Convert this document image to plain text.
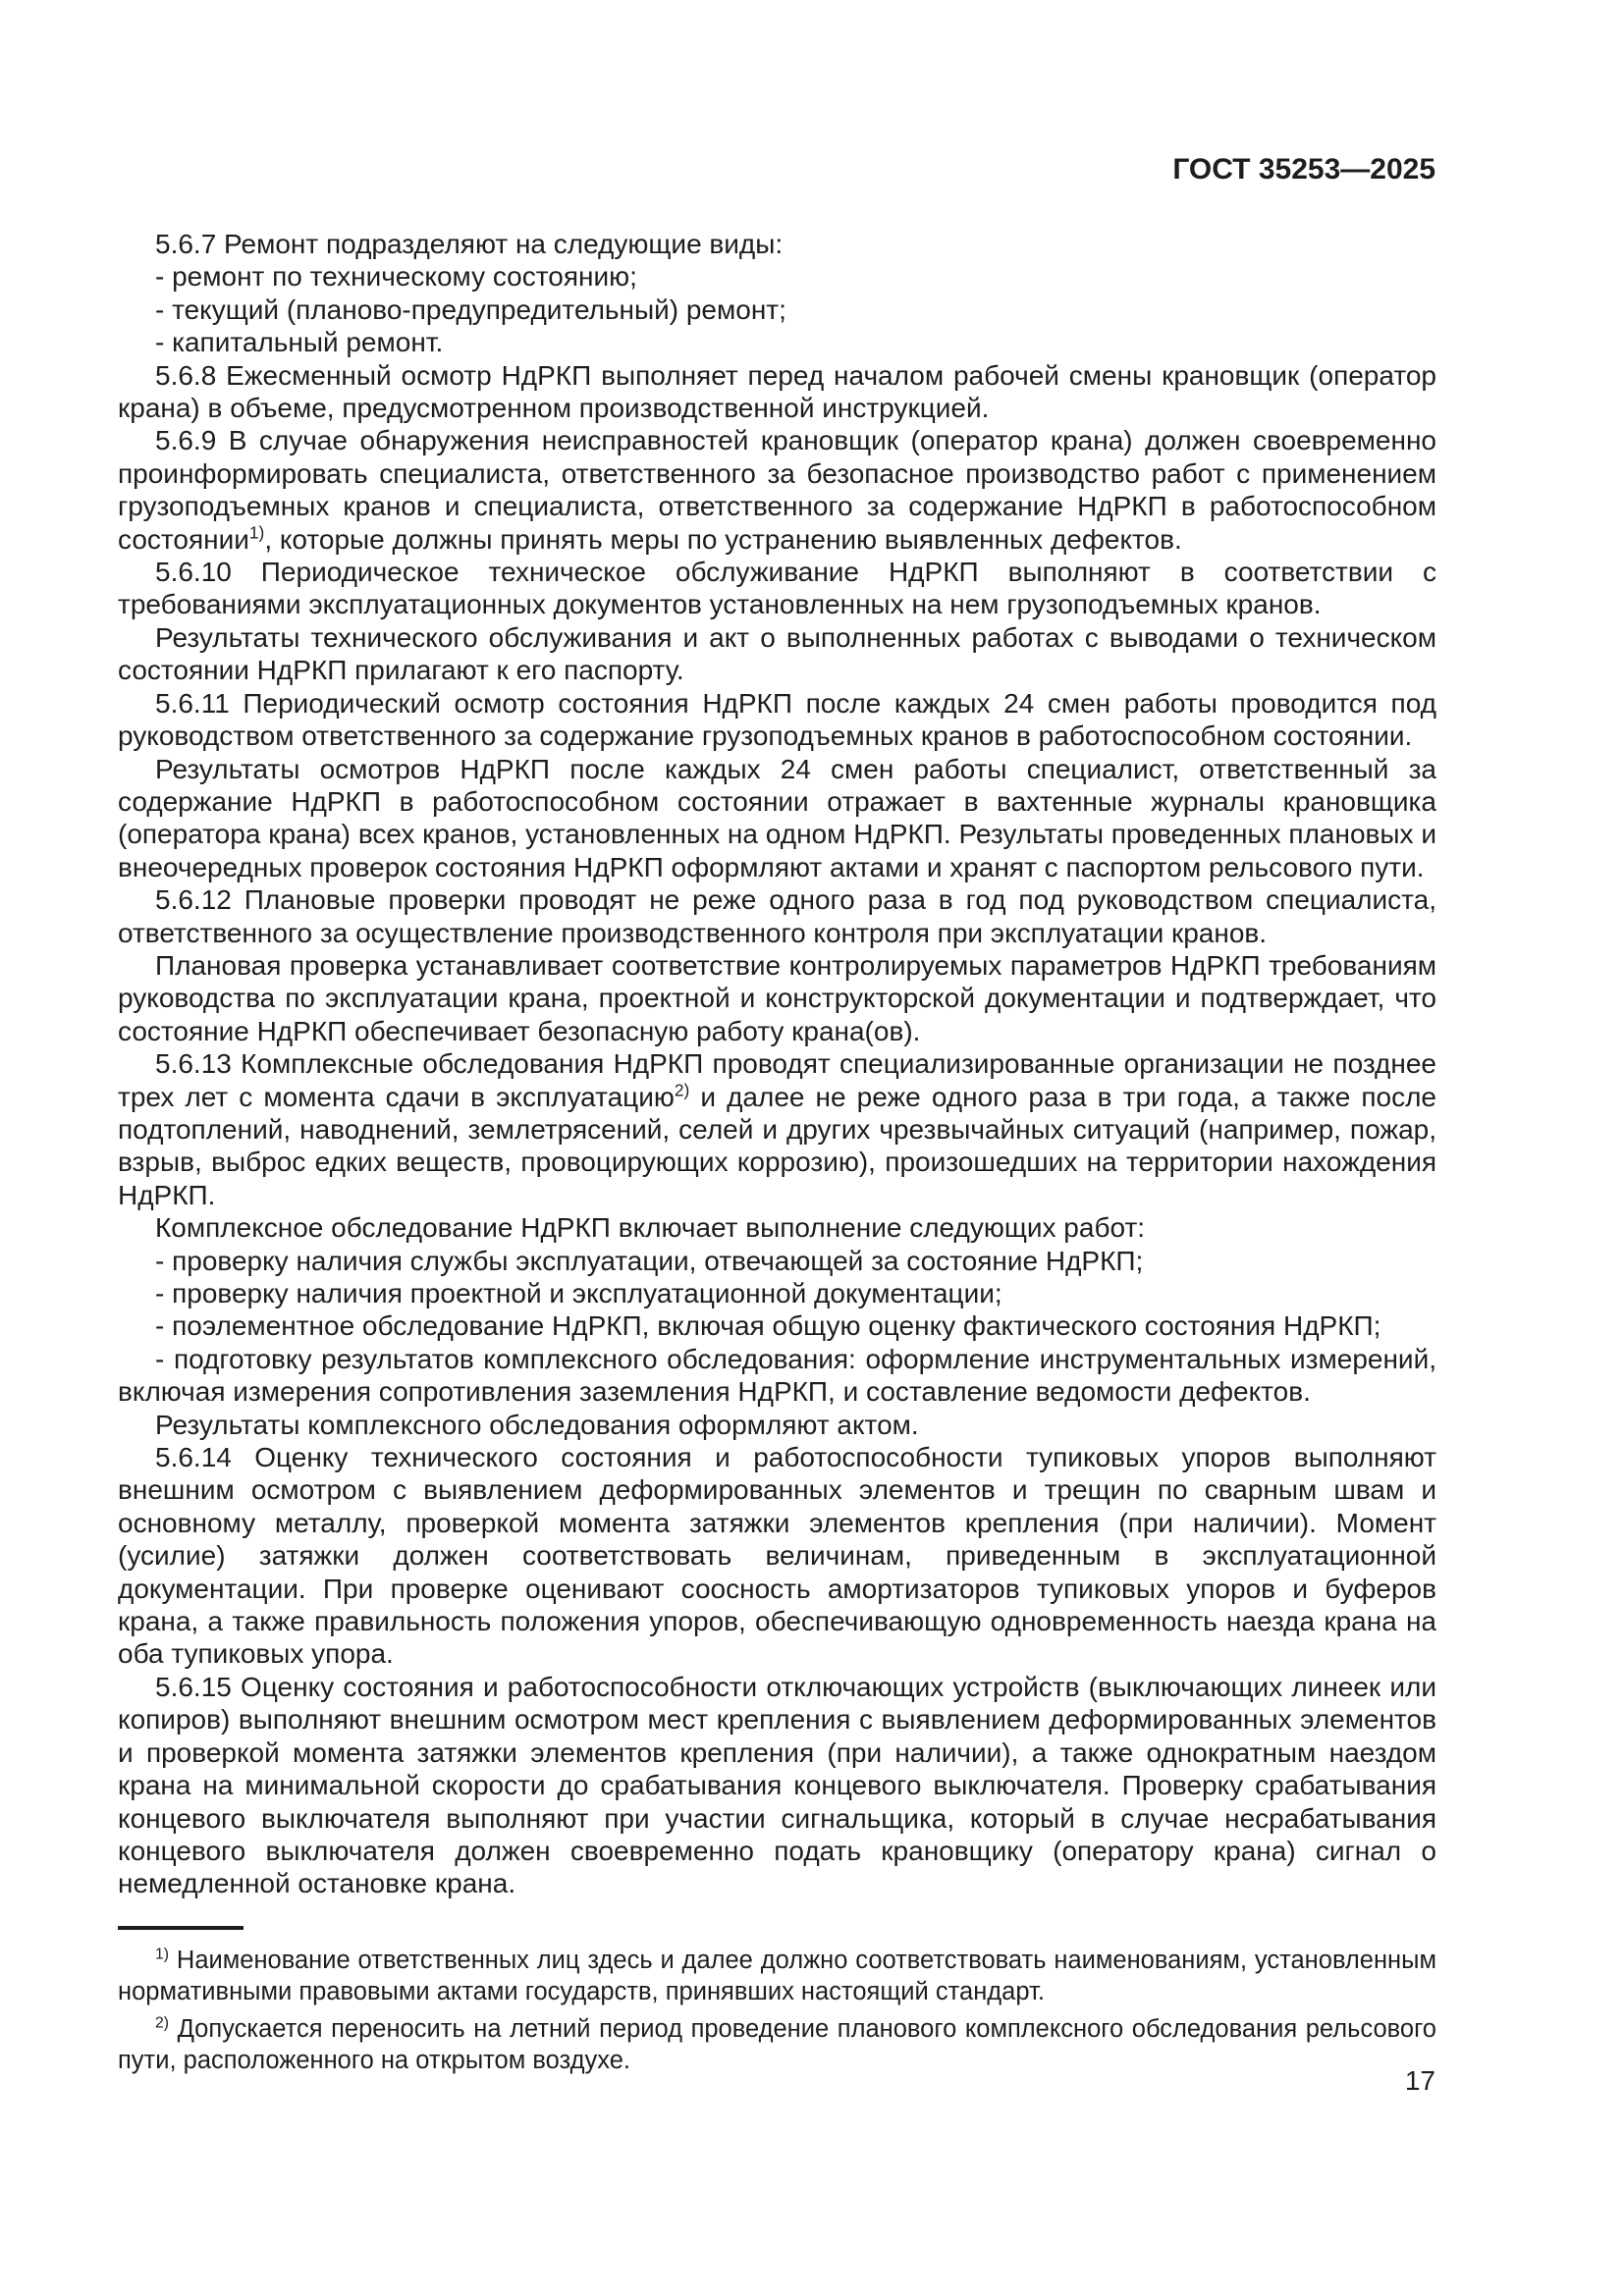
ГОСТ 35253—2025

5.6.7 Ремонт подразделяют на следующие виды:

- ремонт по техническому состоянию;

- текущий (планово-предупредительный) ремонт;

- капитальный ремонт.

5.6.8 Ежесменный осмотр НдРКП выполняет перед началом рабочей смены крановщик (оператор крана) в объеме, предусмотренном производственной инструкцией.

5.6.9 В случае обнаружения неисправностей крановщик (оператор крана) должен своевременно проинформировать специалиста, ответственного за безопасное производство работ с применением грузоподъемных кранов и специалиста, ответственного за содержание НдРКП в работоспособном состоянии$^{1)}$, которые должны принять меры по устранению выявленных дефектов.

5.6.10 Периодическое техническое обслуживание НдРКП выполняют в соответствии с требованиями эксплуатационных документов установленных на нем грузоподъемных кранов.

Результаты технического обслуживания и акт о выполненных работах с выводами о техническом состоянии НдРКП прилагают к его паспорту.

5.6.11 Периодический осмотр состояния НдРКП после каждых 24 смен работы проводится под руководством ответственного за содержание грузоподъемных кранов в работоспособном состоянии.

Результаты осмотров НдРКП после каждых 24 смен работы специалист, ответственный за содержание НдРКП в работоспособном состоянии отражает в вахтенные журналы крановщика (оператора крана) всех кранов, установленных на одном НдРКП. Результаты проведенных плановых и внеочередных проверок состояния НдРКП оформляют актами и хранят с паспортом рельсового пути.

5.6.12 Плановые проверки проводят не реже одного раза в год под руководством специалиста, ответственного за осуществление производственного контроля при эксплуатации кранов.

Плановая проверка устанавливает соответствие контролируемых параметров НдРКП требованиям руководства по эксплуатации крана, проектной и конструкторской документации и подтверждает, что состояние НдРКП обеспечивает безопасную работу крана(ов).

5.6.13 Комплексные обследования НдРКП проводят специализированные организации не позднее трех лет с момента сдачи в эксплуатацию$^{2)}$ и далее не реже одного раза в три года, а также после подтоплений, наводнений, землетрясений, селей и других чрезвычайных ситуаций (например, пожар, взрыв, выброс едких веществ, провоцирующих коррозию), произошедших на территории нахождения НдРКП.

Комплексное обследование НдРКП включает выполнение следующих работ:

- проверку наличия службы эксплуатации, отвечающей за состояние НдРКП;

- проверку наличия проектной и эксплуатационной документации;

- поэлементное обследование НдРКП, включая общую оценку фактического состояния НдРКП;

- подготовку результатов комплексного обследования: оформление инструментальных измерений, включая измерения сопротивления заземления НдРКП, и составление ведомости дефектов.

Результаты комплексного обследования оформляют актом.

5.6.14 Оценку технического состояния и работоспособности тупиковых упоров выполняют внешним осмотром с выявлением деформированных элементов и трещин по сварным швам и основному металлу, проверкой момента затяжки элементов крепления (при наличии). Момент (усилие) затяжки должен соответствовать величинам, приведенным в эксплуатационной документации. При проверке оценивают соосность амортизаторов тупиковых упоров и буферов крана, а также правильность положения упоров, обеспечивающую одновременность наезда крана на оба тупиковых упора.

5.6.15 Оценку состояния и работоспособности отключающих устройств (выключающих линеек или копиров) выполняют внешним осмотром мест крепления с выявлением деформированных элементов и проверкой момента затяжки элементов крепления (при наличии), а также однократным наездом крана на минимальной скорости до срабатывания концевого выключателя. Проверку срабатывания концевого выключателя выполняют при участии сигнальщика, который в случае несрабатывания концевого выключателя должен своевременно подать крановщику (оператору крана) сигнал о немедленной остановке крана.

$^{1)}$ Наименование ответственных лиц здесь и далее должно соответствовать наименованиям, установленным нормативными правовыми актами государств, принявших настоящий стандарт.

$^{2)}$ Допускается переносить на летний период проведение планового комплексного обследования рельсового пути, расположенного на открытом воздухе.

17
